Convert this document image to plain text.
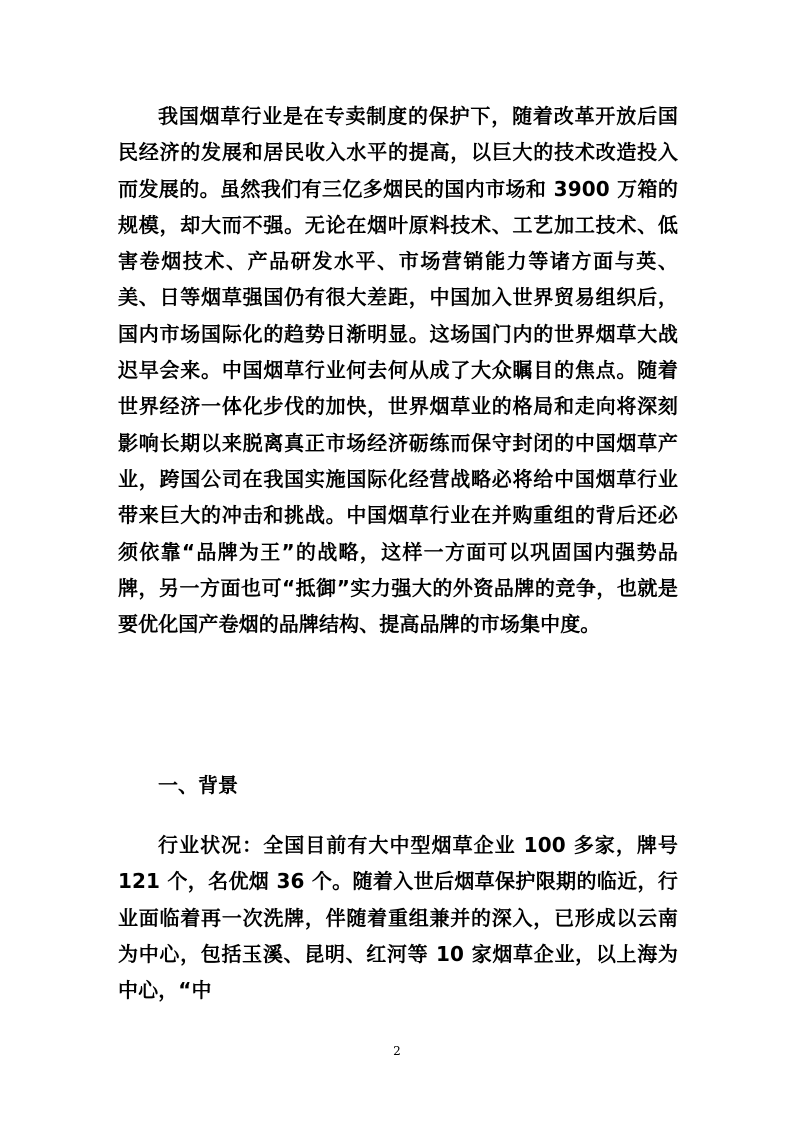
我国烟草行业是在专卖制度的保护下，随着改革开放后国民经济的发展和居民收入水平的提高，以巨大的技术改造投入而发展的。虽然我们有三亿多烟民的国内市场和 3900 万箱的规模，却大而不强。无论在烟叶原料技术、工艺加工技术、低害卷烟技术、产品研发水平、市场营销能力等诸方面与英、美、日等烟草强国仍有很大差距，中国加入世界贸易组织后，国内市场国际化的趋势日渐明显。这场国门内的世界烟草大战迟早会来。中国烟草行业何去何从成了大众瞩目的焦点。随着世界经济一体化步伐的加快，世界烟草业的格局和走向将深刻影响长期以来脱离真正市场经济砺练而保守封闭的中国烟草产业，跨国公司在我国实施国际化经营战略必将给中国烟草行业带来巨大的冲击和挑战。中国烟草行业在并购重组的背后还必须依靠“品牌为王”的战略，这样一方面可以巩固国内强势品牌，另一方面也可“抵御”实力强大的外资品牌的竞争，也就是要优化国产卷烟的品牌结构、提高品牌的市场集中度。

一、背景

行业状况：全国目前有大中型烟草企业 100 多家，牌号 121 个，名优烟 36 个。随着入世后烟草保护限期的临近，行业面临着再一次洗牌，伴随着重组兼并的深入，已形成以云南为中心，包括玉溪、昆明、红河等 10 家烟草企业，以上海为中心，“中

2
